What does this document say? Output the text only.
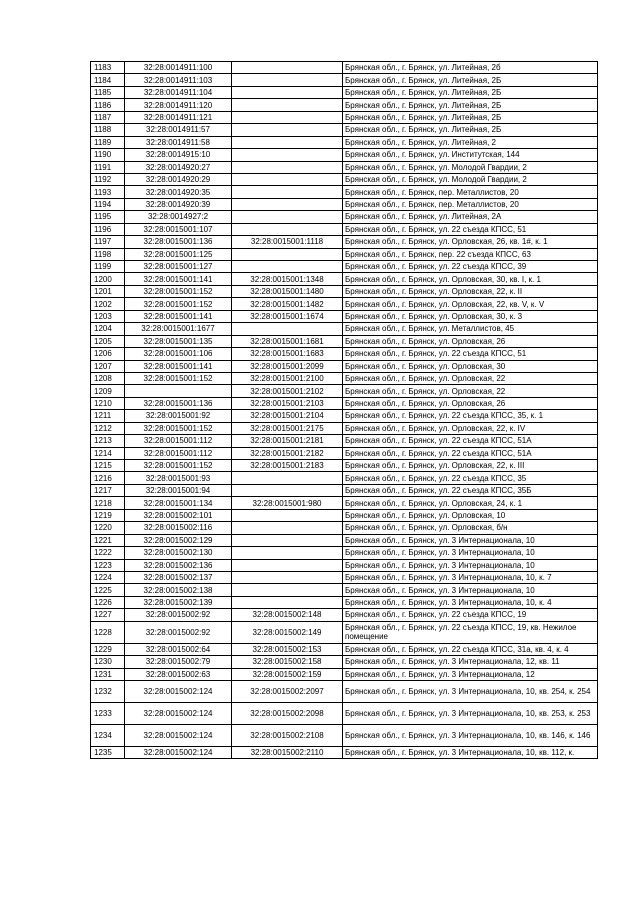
1183	32:28:0014911:100		Брянская обл., г. Брянск, ул. Литейная, 2б
1184	32:28:0014911:103		Брянская обл., г. Брянск, ул. Литейная, 2Б
1185	32:28:0014911:104		Брянская обл., г. Брянск, ул. Литейная, 2Б
1186	32:28:0014911:120		Брянская обл., г. Брянск, ул. Литейная, 2Б
1187	32:28:0014911:121		Брянская обл., г. Брянск, ул. Литейная, 2Б
1188	32:28:0014911:57		Брянская обл., г. Брянск, ул. Литейная, 2Б
1189	32:28:0014911:58		Брянская обл., г. Брянск, ул. Литейная, 2
1190	32:28:0014915:10		Брянская обл., г. Брянск, ул. Институтская, 144
1191	32:28:0014920:27		Брянская обл., г. Брянск, ул. Молодой Гвардии, 2
1192	32:28:0014920:29		Брянская обл., г. Брянск, ул. Молодой Гвардии, 2
1193	32:28:0014920:35		Брянская обл., г. Брянск, пер. Металлистов, 20
1194	32:28:0014920:39		Брянская обл., г. Брянск, пер. Металлистов, 20
1195	32:28:0014927:2		Брянская обл., г. Брянск, ул. Литейная, 2А
1196	32:28:0015001:107		Брянская обл., г. Брянск, ул. 22 съезда КПСС, 51
1197	32:28:0015001:136	32:28:0015001:1118	Брянская обл., г. Брянск, ул. Орловская, 26, кв. 1#, к. 1
1198	32:28:0015001:125		Брянская обл., г. Брянск, пер. 22 съезда КПСС, 63
1199	32:28:0015001:127		Брянская обл., г. Брянск, ул. 22 съезда КПСС, 39
1200	32:28:0015001:141	32:28:0015001:1348	Брянская обл., г. Брянск, ул. Орловская, 30, кв. I, к. 1
1201	32:28:0015001:152	32:28:0015001:1480	Брянская обл., г. Брянск, ул. Орловская, 22, к. II
1202	32:28:0015001:152	32:28:0015001:1482	Брянская обл., г. Брянск, ул. Орловская, 22, кв. V, к. V
1203	32:28:0015001:141	32:28:0015001:1674	Брянская обл., г. Брянск, ул. Орловская, 30, к. 3
1204	32:28:0015001:1677		Брянская обл., г. Брянск, ул. Металлистов, 45
1205	32:28:0015001:135	32:28:0015001:1681	Брянская обл., г. Брянск, ул. Орловская, 26
1206	32:28:0015001:106	32:28:0015001:1683	Брянская обл., г. Брянск, ул. 22 съезда КПСС, 51
1207	32:28:0015001:141	32:28:0015001:2099	Брянская обл., г. Брянск, ул. Орловская, 30
1208	32:28:0015001:152	32:28:0015001:2100	Брянская обл., г. Брянск, ул. Орловская, 22
1209		32:28:0015001:2102	Брянская обл., г. Брянск, ул. Орловская, 22
1210	32:28:0015001:136	32:28:0015001:2103	Брянская обл., г. Брянск, ул. Орловская, 26
1211	32:28:0015001:92	32:28:0015001:2104	Брянская обл., г. Брянск, ул. 22 съезда КПСС, 35, к. 1
1212	32:28:0015001:152	32:28:0015001:2175	Брянская обл., г. Брянск, ул. Орловская, 22, к. IV
1213	32:28:0015001:112	32:28:0015001:2181	Брянская обл., г. Брянск, ул. 22 съезда КПСС, 51А
1214	32:28:0015001:112	32:28:0015001:2182	Брянская обл., г. Брянск, ул. 22 съезда КПСС, 51А
1215	32:28:0015001:152	32:28:0015001:2183	Брянская обл., г. Брянск, ул. Орловская, 22, к. III
1216	32:28:0015001:93		Брянская обл., г. Брянск, ул. 22 съезда КПСС, 35
1217	32:28:0015001:94		Брянская обл., г. Брянск, ул. 22 съезда КПСС, 35Б
1218	32:28:0015001:134	32:28:0015001:980	Брянская обл., г. Брянск, ул. Орловская, 24, к. 1
1219	32:28:0015002:101		Брянская обл., г. Брянск, ул. Орловская, 10
1220	32:28:0015002:116		Брянская обл., г. Брянск, ул. Орловская, б/н
1221	32:28:0015002:129		Брянская обл., г. Брянск, ул. 3 Интернационала, 10
1222	32:28:0015002:130		Брянская обл., г. Брянск, ул. 3 Интернационала, 10
1223	32:28:0015002:136		Брянская обл., г. Брянск, ул. 3 Интернационала, 10
1224	32:28:0015002:137		Брянская обл., г. Брянск, ул. 3 Интернационала, 10, к. 7
1225	32:28:0015002:138		Брянская обл., г. Брянск, ул. 3 Интернационала, 10
1226	32:28:0015002:139		Брянская обл., г. Брянск, ул. 3 Интернационала, 10, к. 4
1227	32:28:0015002:92	32:28:0015002:148	Брянская обл., г. Брянск, ул. 22 съезда КПСС, 19
1228	32:28:0015002:92	32:28:0015002:149	Брянская обл., г. Брянск, ул. 22 съезда КПСС, 19, кв. Нежилое помещение
1229	32:28:0015002:64	32:28:0015002:153	Брянская обл., г. Брянск, ул. 22 съезда КПСС, 31а, кв. 4, к. 4
1230	32:28:0015002:79	32:28:0015002:158	Брянская обл., г. Брянск, ул. 3 Интернационала, 12, кв. 11
1231	32:28:0015002:63	32:28:0015002:159	Брянская обл., г. Брянск, ул. 3 Интернационала, 12
1232	32:28:0015002:124	32:28:0015002:2097	Брянская обл., г. Брянск, ул. 3 Интернационала, 10, кв. 254, к. 254
1233	32:28:0015002:124	32:28:0015002:2098	Брянская обл., г. Брянск, ул. 3 Интернационала, 10, кв. 253, к. 253
1234	32:28:0015002:124	32:28:0015002:2108	Брянская обл., г. Брянск, ул. 3 Интернационала, 10, кв. 146, к. 146
1235	32:28:0015002:124	32:28:0015002:2110	Брянская обл., г. Брянск, ул. 3 Интернационала, 10, кв. 112, к.
